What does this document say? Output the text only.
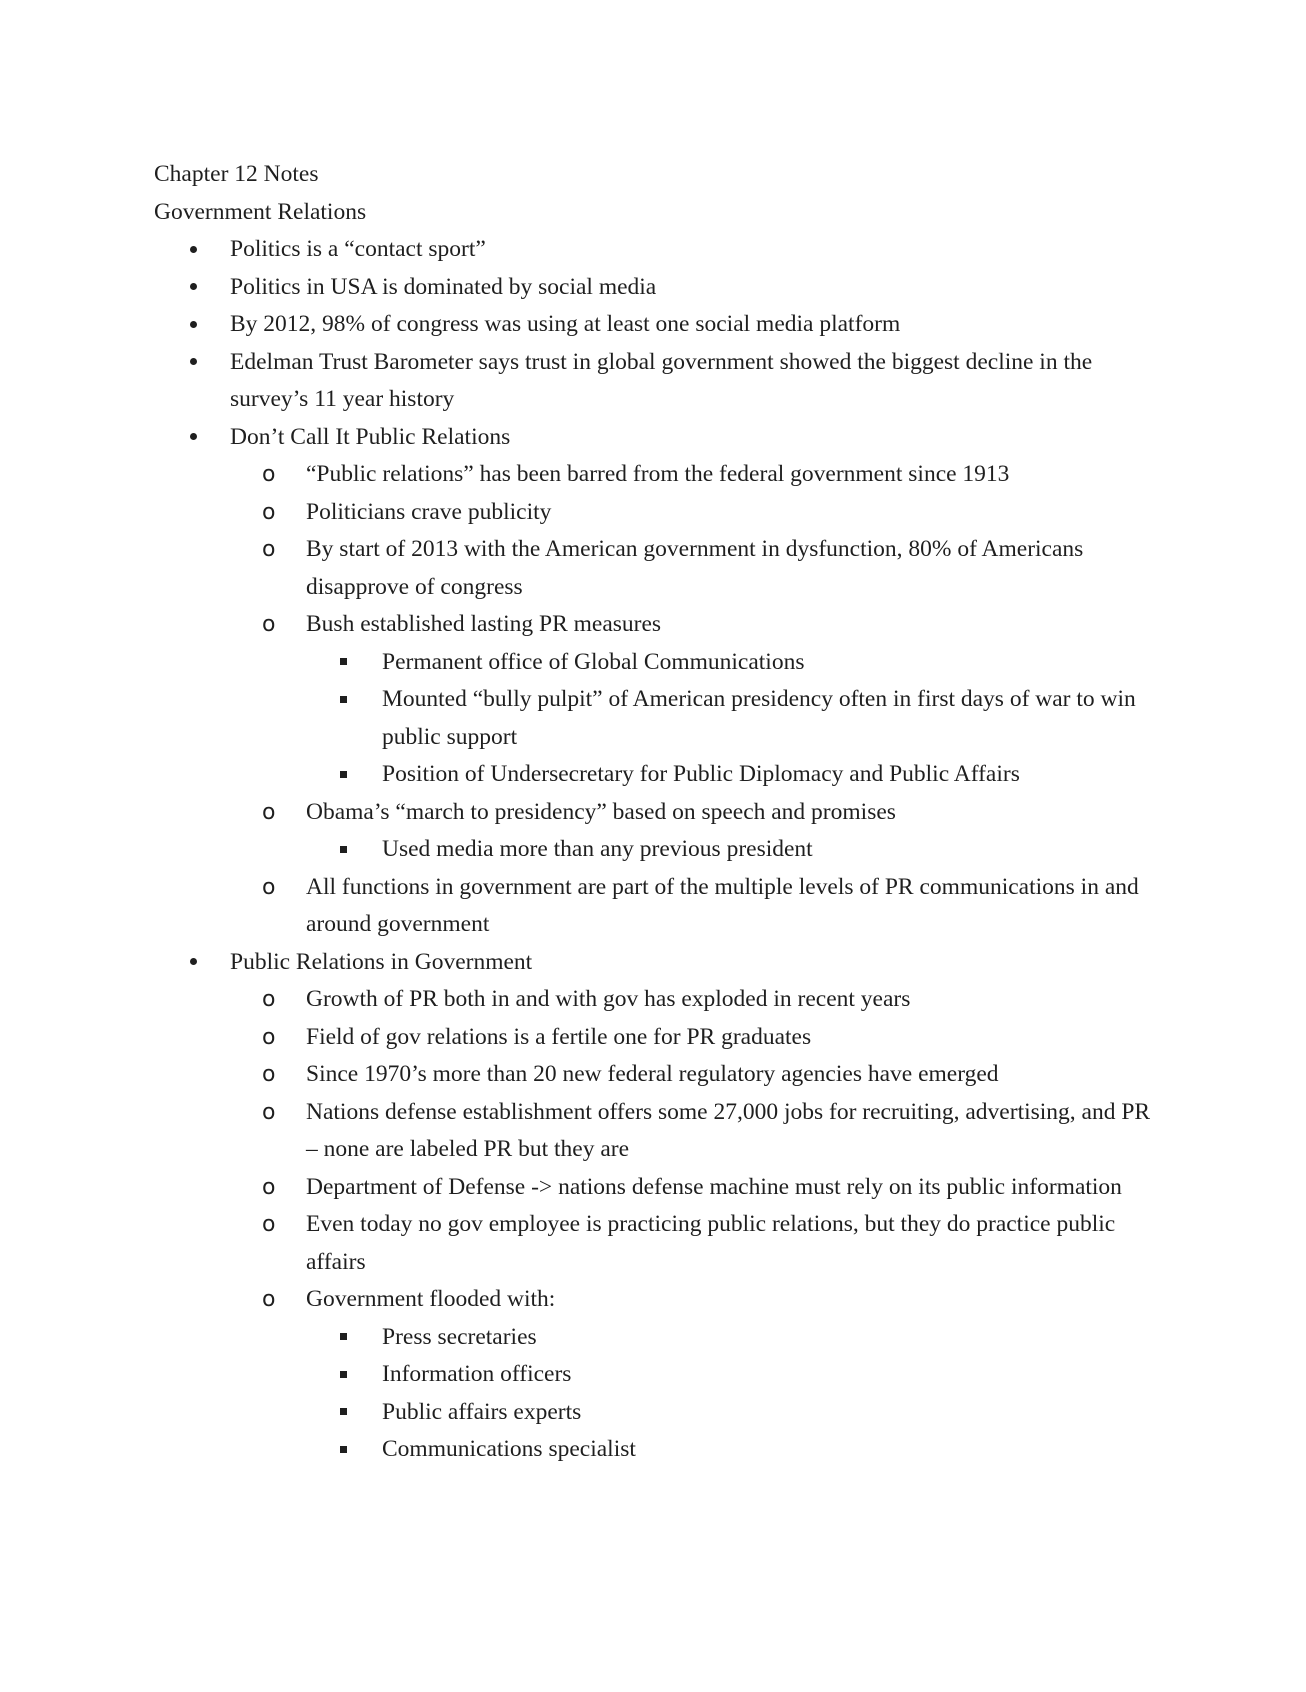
Chapter 12 Notes
Government Relations
Politics is a “contact sport”
Politics in USA is dominated by social media
By 2012, 98% of congress was using at least one social media platform
Edelman Trust Barometer says trust in global government showed the biggest decline in the survey’s 11 year history
Don’t Call It Public Relations
o “Public relations” has been barred from the federal government since 1913
o Politicians crave publicity
o By start of 2013 with the American government in dysfunction, 80% of Americans disapprove of congress
o Bush established lasting PR measures
Permanent office of Global Communications
Mounted “bully pulpit” of American presidency often in first days of war to win public support
Position of Undersecretary for Public Diplomacy and Public Affairs
o Obama’s “march to presidency” based on speech and promises
Used media more than any previous president
o All functions in government are part of the multiple levels of PR communications in and around government
Public Relations in Government
o Growth of PR both in and with gov has exploded in recent years
o Field of gov relations is a fertile one for PR graduates
o Since 1970’s more than 20 new federal regulatory agencies have emerged
o Nations defense establishment offers some 27,000 jobs for recruiting, advertising, and PR – none are labeled PR but they are
o Department of Defense -> nations defense machine must rely on its public information
o Even today no gov employee is practicing public relations, but they do practice public affairs
o Government flooded with:
Press secretaries
Information officers
Public affairs experts
Communications specialist
